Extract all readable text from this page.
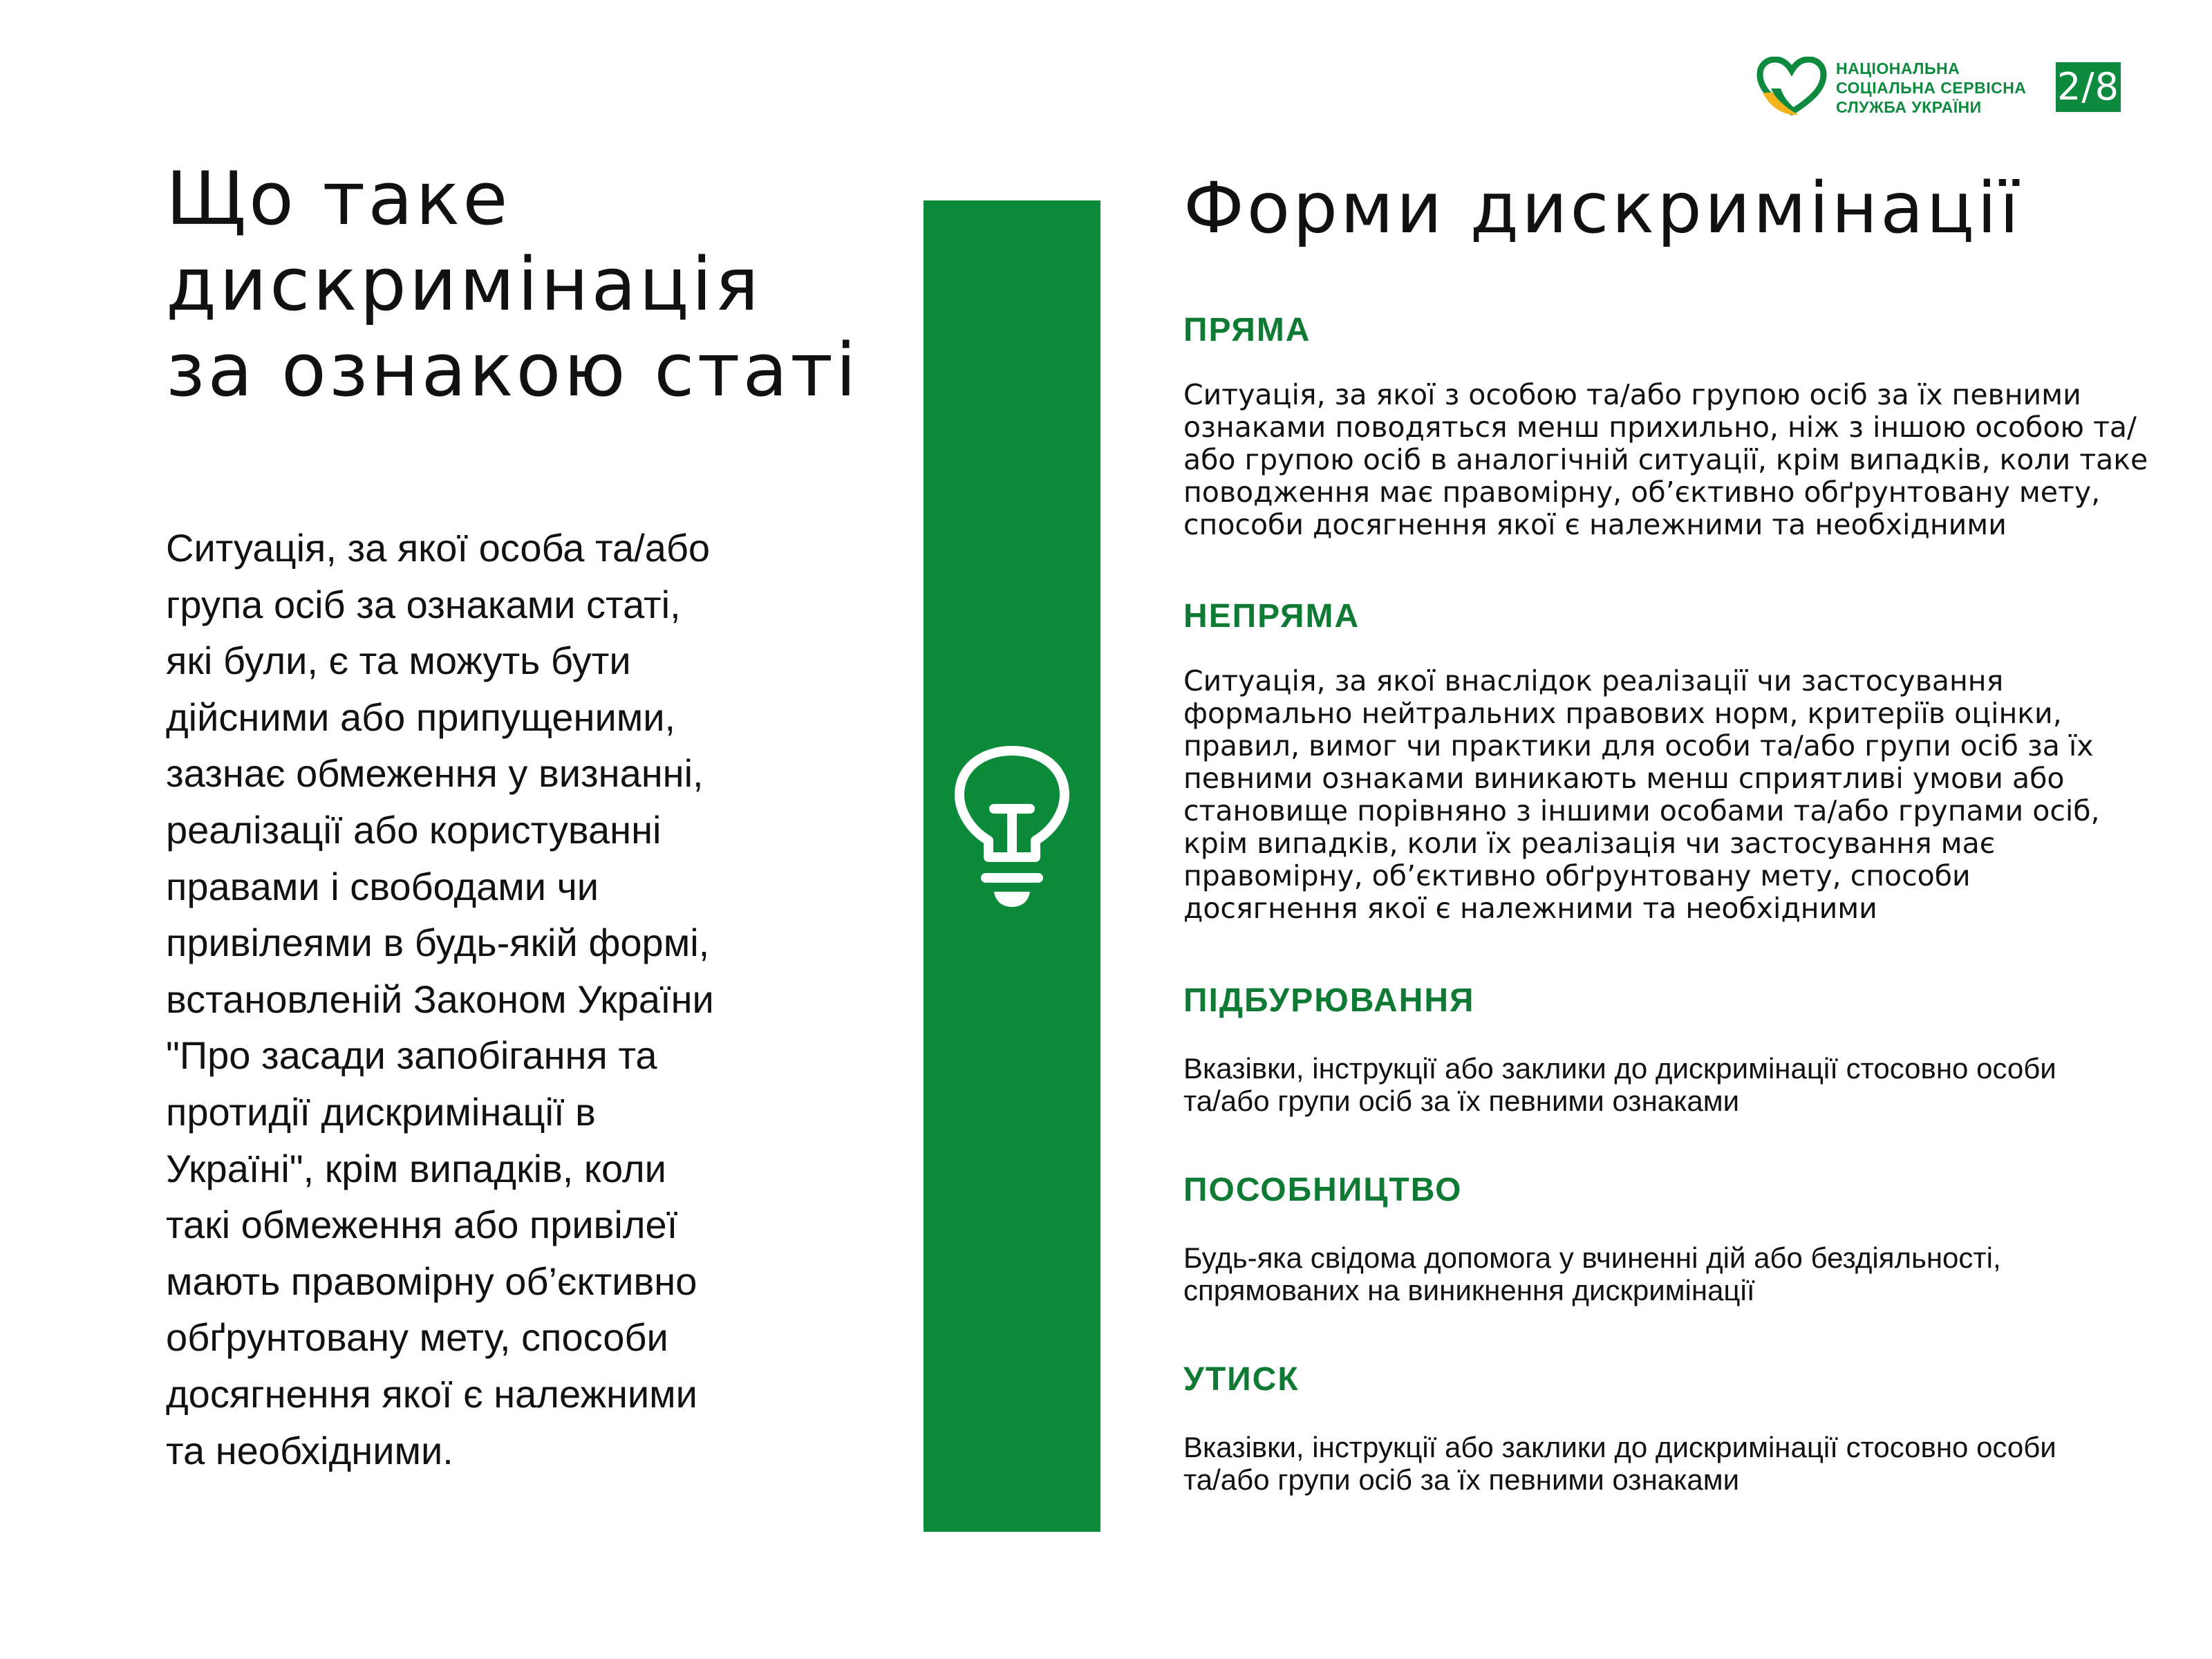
НАЦІОНАЛЬНА
СОЦІАЛЬНА СЕРВІСНА
СЛУЖБА УКРАЇНИ	2/8
Що таке
дискримінація
за ознакою статі
Ситуація, за якої особа та/або
група осіб за ознаками статі,
які були, є та можуть бути
дійсними або припущеними,
зазнає обмеження у визнанні,
реалізації або користуванні
правами і свободами чи
привілеями в будь-якій формі,
встановленій Законом України
"Про засади запобігання та
протидії дискримінації в
Україні", крім випадків, коли
такі обмеження або привілеї
мають правомірну об’єктивно
обґрунтовану мету, способи
досягнення якої є належними
та необхідними.
Форми дискримінації
ПРЯМА
Ситуація, за якої з особою та/або групою осіб за їх певними
ознаками поводяться менш прихильно, ніж з іншою особою та/
або групою осіб в аналогічній ситуації, крім випадків, коли таке
поводження має правомірну, об’єктивно обґрунтовану мету,
способи досягнення якої є належними та необхідними
НЕПРЯМА
Ситуація, за якої внаслідок реалізації чи застосування
формально нейтральних правових норм, критеріїв оцінки,
правил, вимог чи практики для особи та/або групи осіб за їх
певними ознаками виникають менш сприятливі умови або
становище порівняно з іншими особами та/або групами осіб,
крім випадків, коли їх реалізація чи застосування має
правомірну, об’єктивно обґрунтовану мету, способи
досягнення якої є належними та необхідними
ПІДБУРЮВАННЯ
Вказівки, інструкції або заклики до дискримінації стосовно особи
та/або групи осіб за їх певними ознаками
ПОСОБНИЦТВО
Будь-яка свідома допомога у вчиненні дій або бездіяльності,
спрямованих на виникнення дискримінації
УТИСК
Вказівки, інструкції або заклики до дискримінації стосовно особи
та/або групи осіб за їх певними ознаками
